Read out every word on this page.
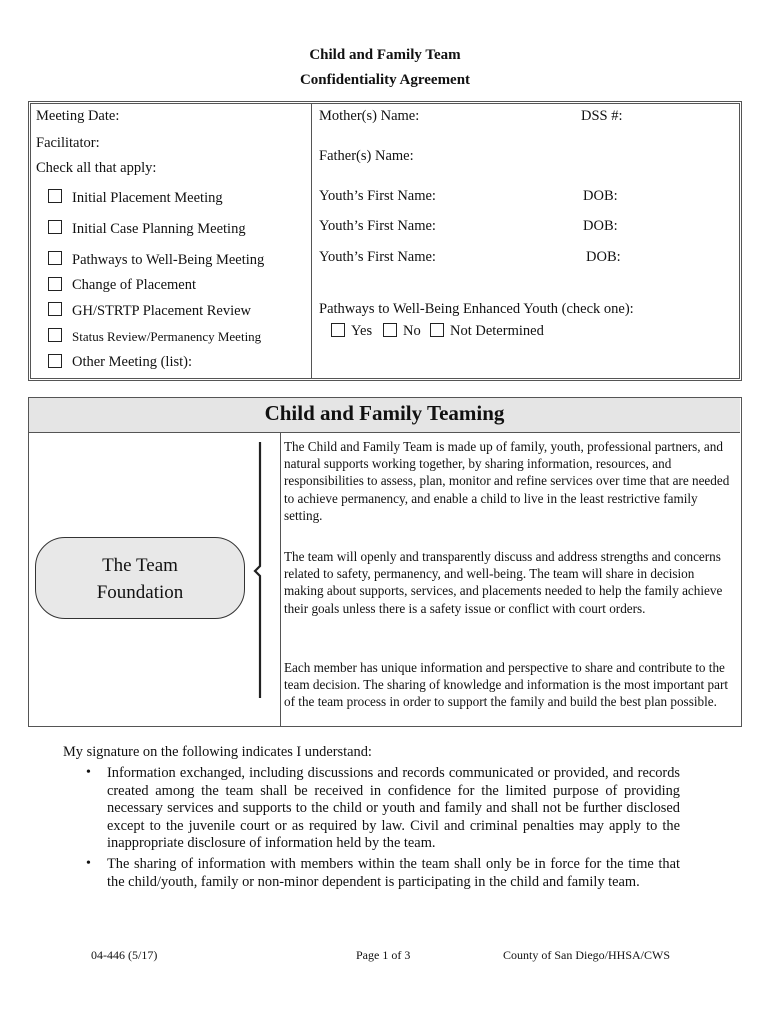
Child and Family Team
Confidentiality Agreement
Meeting Date:
Facilitator:
Check all that apply:
Initial Placement Meeting
Initial Case Planning Meeting
Pathways to Well-Being Meeting
Change of Placement
GH/STRTP Placement Review
Status Review/Permanency Meeting
Other Meeting (list):
Mother(s) Name:	DSS #:
Father(s) Name:
Youth’s First Name:	DOB:
Youth’s First Name:	DOB:
Youth’s First Name:	DOB:
Pathways to Well-Being Enhanced Youth (check one):
Yes No Not Determined
Child and Family Teaming
The Team
Foundation
The Child and Family Team is made up of family, youth, professional partners, and natural supports working together, by sharing information, resources, and responsibilities to assess, plan, monitor and refine services over time that are needed to achieve permanency, and enable a child to live in the least restrictive family setting.
The team will openly and transparently discuss and address strengths and concerns related to safety, permanency, and well-being. The team will share in decision making about supports, services, and placements needed to help the family achieve their goals unless there is a safety issue or conflict with court orders.
Each member has unique information and perspective to share and contribute to the team decision. The sharing of knowledge and information is the most important part of the team process in order to support the family and build the best plan possible.
My signature on the following indicates I understand:
• Information exchanged, including discussions and records communicated or provided, and records created among the team shall be received in confidence for the limited purpose of providing necessary services and supports to the child or youth and family and shall not be further disclosed except to the juvenile court or as required by law. Civil and criminal penalties may apply to the inappropriate disclosure of information held by the team.
• The sharing of information with members within the team shall only be in force for the time that the child/youth, family or non-minor dependent is participating in the child and family team.
04-446 (5/17)	Page 1 of 3	County of San Diego/HHSA/CWS
